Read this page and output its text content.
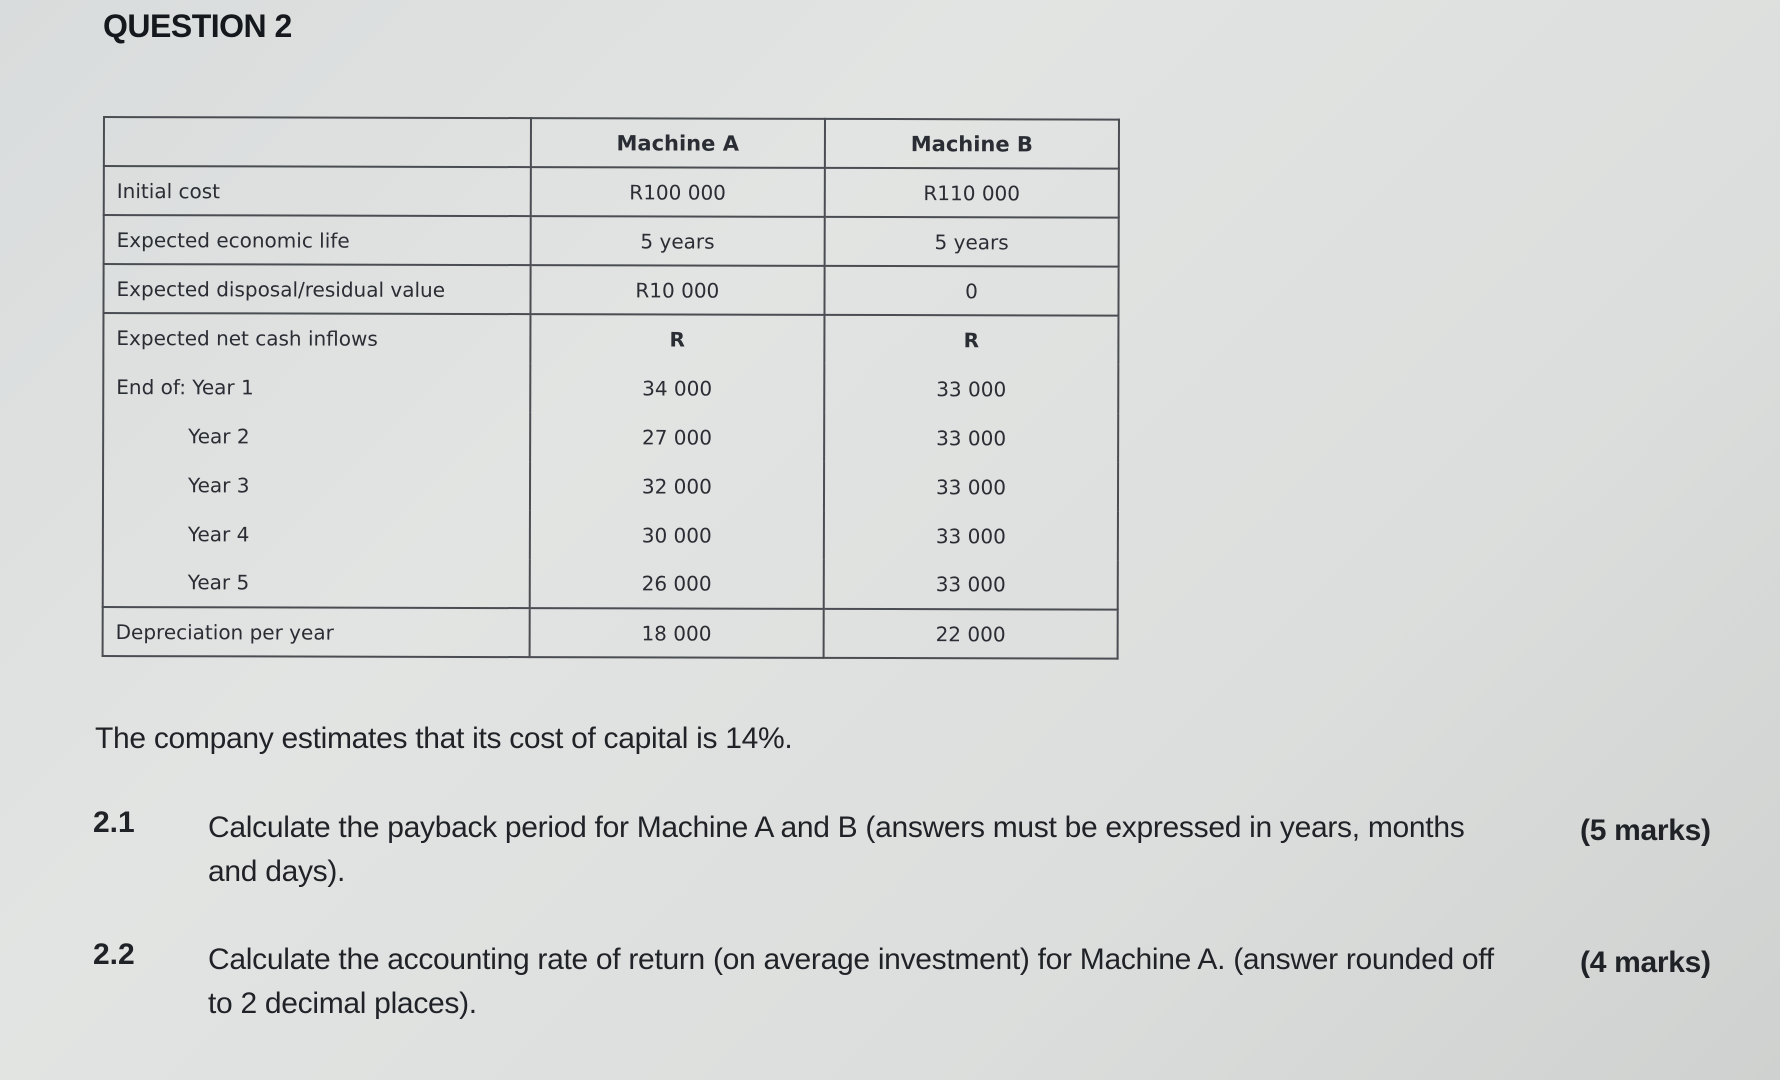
QUESTION 2
	Machine A	Machine B
Initial cost	R100 000	R110 000
Expected economic life	5 years	5 years
Expected disposal/residual value	R10 000	0
Expected net cash inflows	R	R
End of: Year 1	34 000	33 000
Year 2	27 000	33 000
Year 3	32 000	33 000
Year 4	30 000	33 000
Year 5	26 000	33 000
Depreciation per year	18 000	22 000
The company estimates that its cost of capital is 14%.
2.1 Calculate the payback period for Machine A and B (answers must be expressed in years, months and days).
(5 marks)
2.2 Calculate the accounting rate of return (on average investment) for Machine A. (answer rounded off to 2 decimal places).
(4 marks)
